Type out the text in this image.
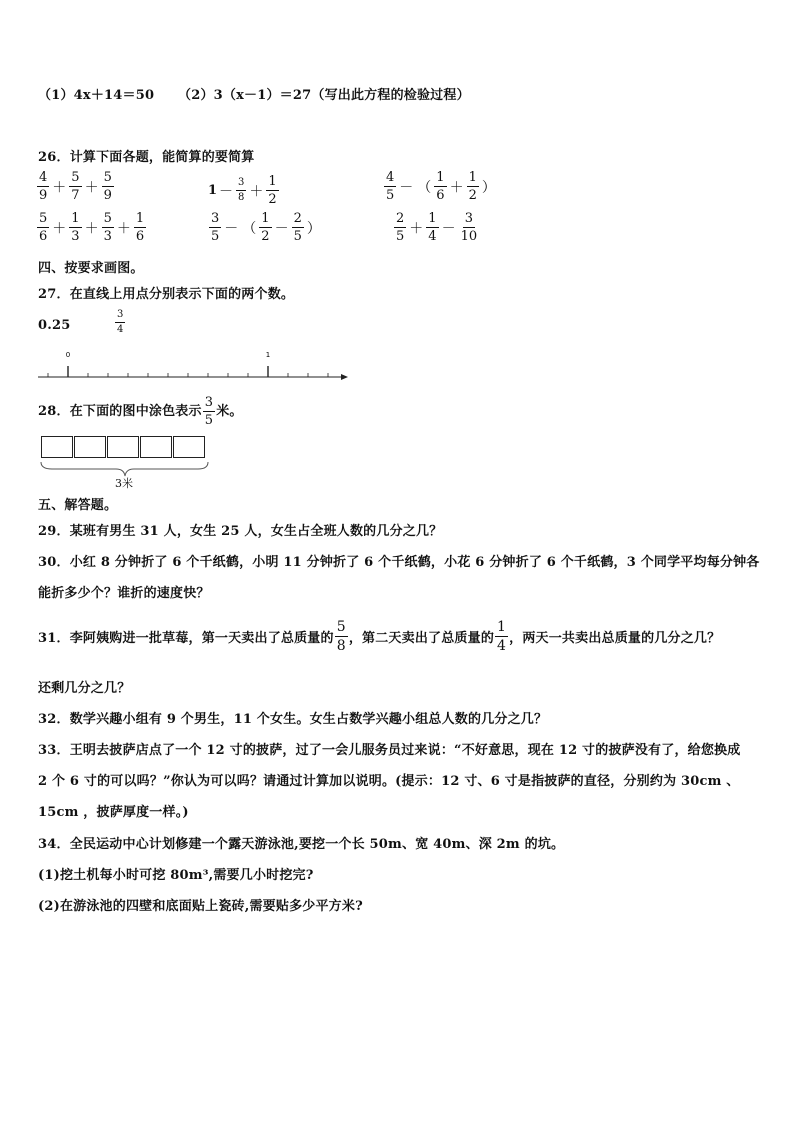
（1）4x＋14＝50 （2）3（x－1）＝27（写出此方程的检验过程）
26．计算下面各题，能简算的要简算
$\frac{4}{9} + \frac{5}{7} + \frac{5}{9}$	$1 - \frac{3}{8} + \frac{1}{2}$	$\frac{4}{5}$ － （ $\frac{1}{6} + \frac{1}{2}$ ）
$\frac{5}{6} + \frac{1}{3} + \frac{5}{3} + \frac{1}{6}$	$\frac{3}{5}$ － （ $\frac{1}{2} - \frac{2}{5}$ ）	$\frac{2}{5} + \frac{1}{4} - \frac{3}{10}$
四、按要求画图。
27．在直线上用点分别表示下面的两个数。
0.25	$\frac{3}{4}$
0	1
28．在下面的图中涂色表示 $\frac{3}{5}$ 米。
3米
五、解答题。
29．某班有男生 31 人，女生 25 人，女生占全班人数的几分之几？
30．小红 8 分钟折了 6 个千纸鹤，小明 11 分钟折了 6 个千纸鹤，小花 6 分钟折了 6 个千纸鹤，3 个同学平均每分钟各
能折多少个？谁折的速度快？
31．李阿姨购进一批草莓，第一天卖出了总质量的 $\frac{5}{8}$ ，第二天卖出了总质量的 $\frac{1}{4}$ ，两天一共卖出总质量的几分之几？
还剩几分之几？
32．数学兴趣小组有 9 个男生，11 个女生。女生占数学兴趣小组总人数的几分之几？
33．王明去披萨店点了一个 12 寸的披萨，过了一会儿服务员过来说：“不好意思，现在 12 寸的披萨没有了，给您换成
2 个 6 寸的可以吗？”你认为可以吗？请通过计算加以说明。(提示：12 寸、6 寸是指披萨的直径，分别约为 30cm 、
15cm ，披萨厚度一样。)
34．全民运动中心计划修建一个露天游泳池,要挖一个长 50m、宽 40m、深 2m 的坑。
(1)挖土机每小时可挖 80m³,需要几小时挖完?
(2)在游泳池的四壁和底面贴上瓷砖,需要贴多少平方米?
